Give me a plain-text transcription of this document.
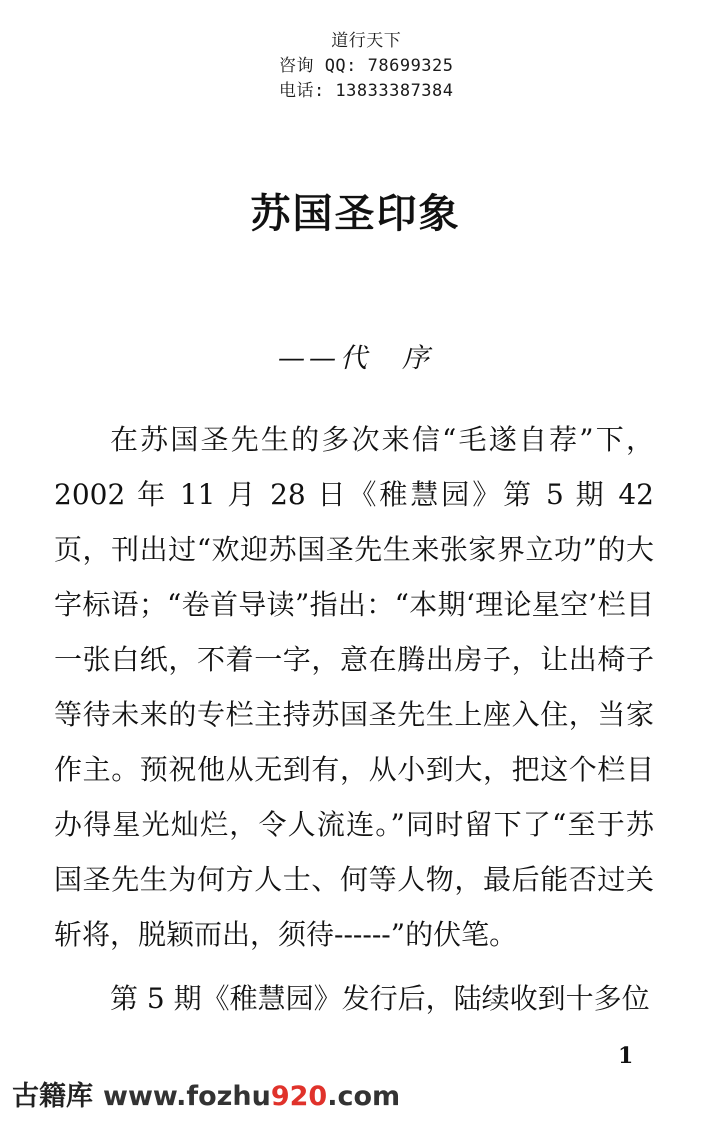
道行天下
咨询 QQ: 78699325
电话: 13833387384

苏国圣印象
——代　序

在苏国圣先生的多次来信“毛遂自荐”下，2002 年 11 月 28 日《稚慧园》第 5 期 42 页，刊出过“欢迎苏国圣先生来张家界立功”的大字标语；“卷首导读”指出：“本期‘理论星空’栏目一张白纸，不着一字，意在腾出房子，让出椅子等待未来的专栏主持苏国圣先生上座入住，当家作主。预祝他从无到有，从小到大，把这个栏目办得星光灿烂，令人流连。”同时留下了“至于苏国圣先生为何方人士、何等人物，最后能否过关斩将，脱颖而出，须待------”的伏笔。

第 5 期《稚慧园》发行后，陆续收到十多位

1
古籍库 www.fozhu920.com
